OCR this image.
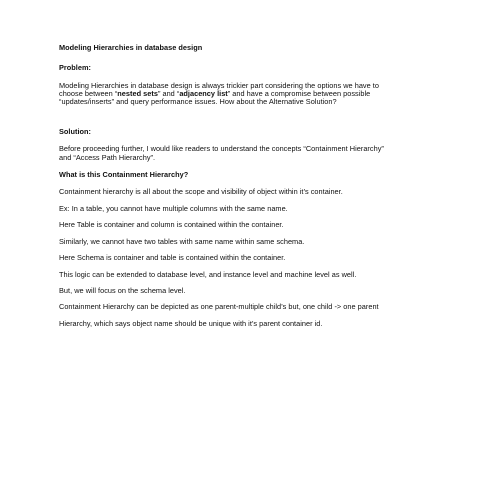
Modeling Hierarchies in database design
Problem:
Modeling Hierarchies in database design is always trickier part considering the options we have to
choose between “nested sets” and “adjacency list” and have a compromise between possible
“updates/inserts” and query performance issues. How about the Alternative Solution?
Solution:
Before proceeding further, I would like readers to understand the concepts “Containment Hierarchy”
and “Access Path Hierarchy”.
What is this Containment Hierarchy?
Containment hierarchy is all about the scope and visibility of object within it’s container.
Ex: In a table, you cannot have multiple columns with the same name.
Here Table is container and column is contained within the container.
Similarly, we cannot have two tables with same name within same schema.
Here Schema is container and table is contained within the container.
This logic can be extended to database level, and instance level and machine level as well.
But, we will focus on the schema level.
Containment Hierarchy can be depicted as one parent-multiple child’s but, one child -> one parent
Hierarchy, which says object name should be unique with it’s parent container id.
